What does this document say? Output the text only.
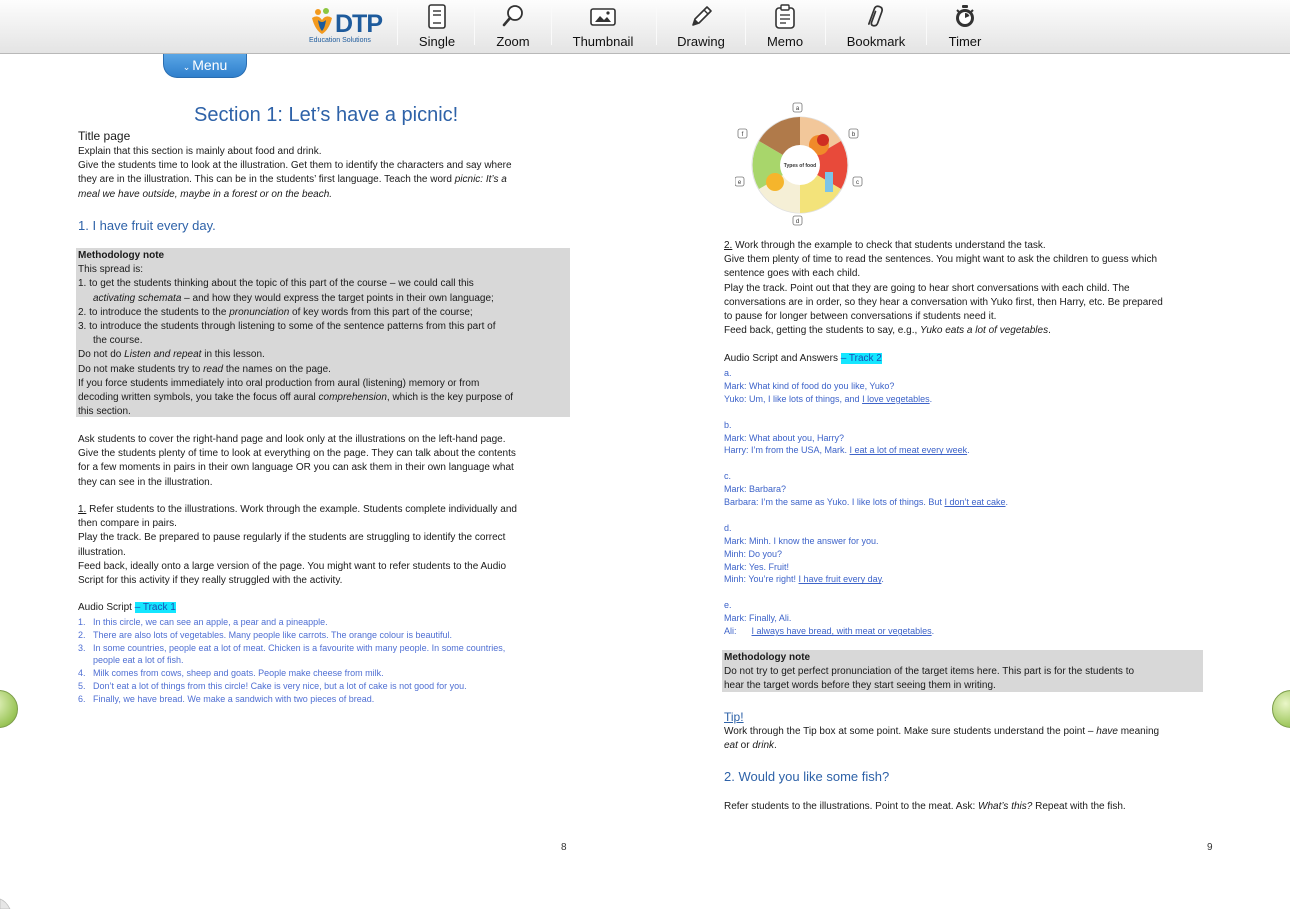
DTP
Education Solutions	Single	Zoom	Thumbnail	Drawing	Memo	Bookmark	Timer
⌄ Menu
Section 1: Let’s have a picnic!
Title page
Explain that this section is mainly about food and drink.
Give the students time to look at the illustration. Get them to identify the characters and say where
they are in the illustration. This can be in the students’ first language. Teach the word picnic: It’s a
meal we have outside, maybe in a forest or on the beach.
1. I have fruit every day.
Methodology note
This spread is:
1. to get the students thinking about the topic of this part of the course – we could call this
activating schemata – and how they would express the target points in their own language;
2. to introduce the students to the pronunciation of key words from this part of the course;
3. to introduce the students through listening to some of the sentence patterns from this part of
the course.
Do not do Listen and repeat in this lesson.
Do not make students try to read the names on the page.
If you force students immediately into oral production from aural (listening) memory or from
decoding written symbols, you take the focus off aural comprehension, which is the key purpose of
this section.
Ask students to cover the right-hand page and look only at the illustrations on the left-hand page.
Give the students plenty of time to look at everything on the page. They can talk about the contents
for a few moments in pairs in their own language OR you can ask them in their own language what
they can see in the illustration.
1. Refer students to the illustrations. Work through the example. Students complete individually and
then compare in pairs.
Play the track. Be prepared to pause regularly if the students are struggling to identify the correct
illustration.
Feed back, ideally onto a large version of the page. You might want to refer students to the Audio
Script for this activity if they really struggled with the activity.
Audio Script – Track 1
1. In this circle, we can see an apple, a pear and a pineapple.
2. There are also lots of vegetables. Many people like carrots. The orange colour is beautiful.
3. In some countries, people eat a lot of meat. Chicken is a favourite with many people. In some countries,
people eat a lot of fish.
4. Milk comes from cows, sheep and goats. People make cheese from milk.
5. Don’t eat a lot of things from this circle! Cake is very nice, but a lot of cake is not good for you.
6. Finally, we have bread. We make a sandwich with two pieces of bread.
8
a
b
c
d
e
f
Types of food
2. Work through the example to check that students understand the task.
Give them plenty of time to read the sentences. You might want to ask the children to guess which
sentence goes with each child.
Play the track. Point out that they are going to hear short conversations with each child. The
conversations are in order, so they hear a conversation with Yuko first, then Harry, etc. Be prepared
to pause for longer between conversations if students need it.
Feed back, getting the students to say, e.g., Yuko eats a lot of vegetables.
Audio Script and Answers – Track 2
a.
Mark: What kind of food do you like, Yuko?
Yuko: Um, I like lots of things, and I love vegetables.
b.
Mark: What about you, Harry?
Harry: I’m from the USA, Mark. I eat a lot of meat every week.
c.
Mark: Barbara?
Barbara: I’m the same as Yuko. I like lots of things. But I don’t eat cake.
d.
Mark: Minh. I know the answer for you.
Minh: Do you?
Mark: Yes. Fruit!
Minh: You’re right! I have fruit every day.
e.
Mark: Finally, Ali.
Ali:      I always have bread, with meat or vegetables.
Methodology note
Do not try to get perfect pronunciation of the target items here. This part is for the students to
hear the target words before they start seeing them in writing.
Tip!
Work through the Tip box at some point. Make sure students understand the point – have meaning
eat or drink.
2. Would you like some fish?
Refer students to the illustrations. Point to the meat. Ask: What’s this? Repeat with the fish.
9
